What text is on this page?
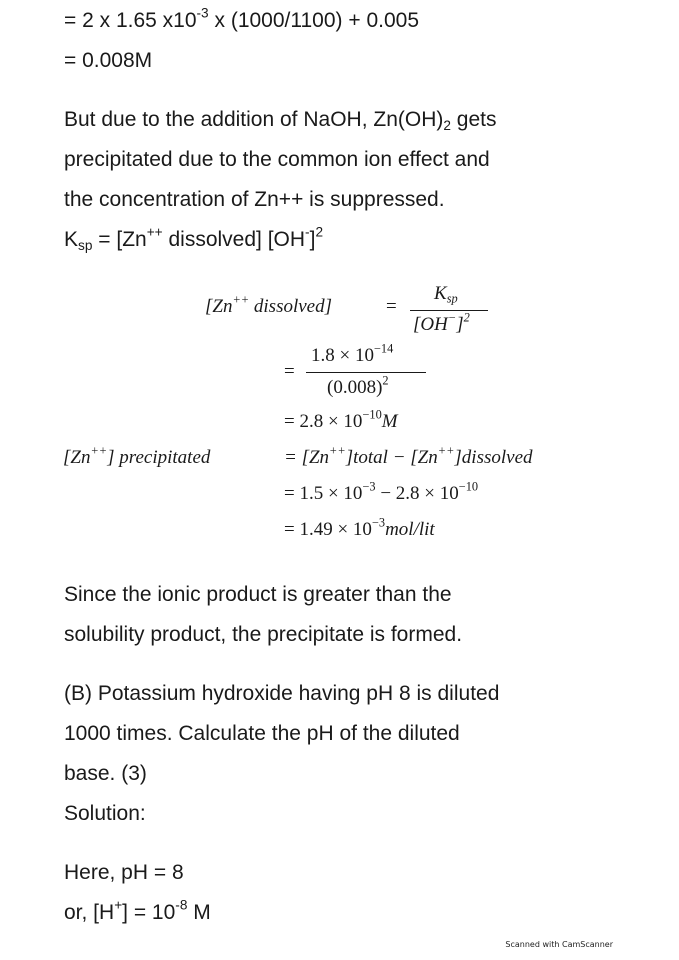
= 2 x 1.65 $x10^{-3}$ x (1000/1100) + 0.005
= 0.008M
But due to the addition of NaOH, $Zn(OH)_2$ gets
precipitated due to the common ion effect and
the concentration of Zn++ is suppressed.
$K_{sp} = [Zn^{++}$ dissolved] $[OH^-]^2$
[Zn++ dissolved]	=
$K_{sp}$
$[OH^-]^2$
=
$1.8 \times 10^{-14}$
$(0.008)^2$
= $2.8 \times 10^{-10}M$
[Zn++] precipitated	= [Zn++]total − [Zn++]dissolved
= $1.5 \times 10^{-3} - 2.8 \times 10^{-10}$
= $1.49 \times 10^{-3}mol$/lit
Since the ionic product is greater than the
solubility product, the precipitate is formed.
(B) Potassium hydroxide having pH 8 is diluted
1000 times. Calculate the pH of the diluted
base. (3)
Solution:
Here, pH = 8
or, $[H^+] = 10^{-8}$ M
Scanned with CamScanner
